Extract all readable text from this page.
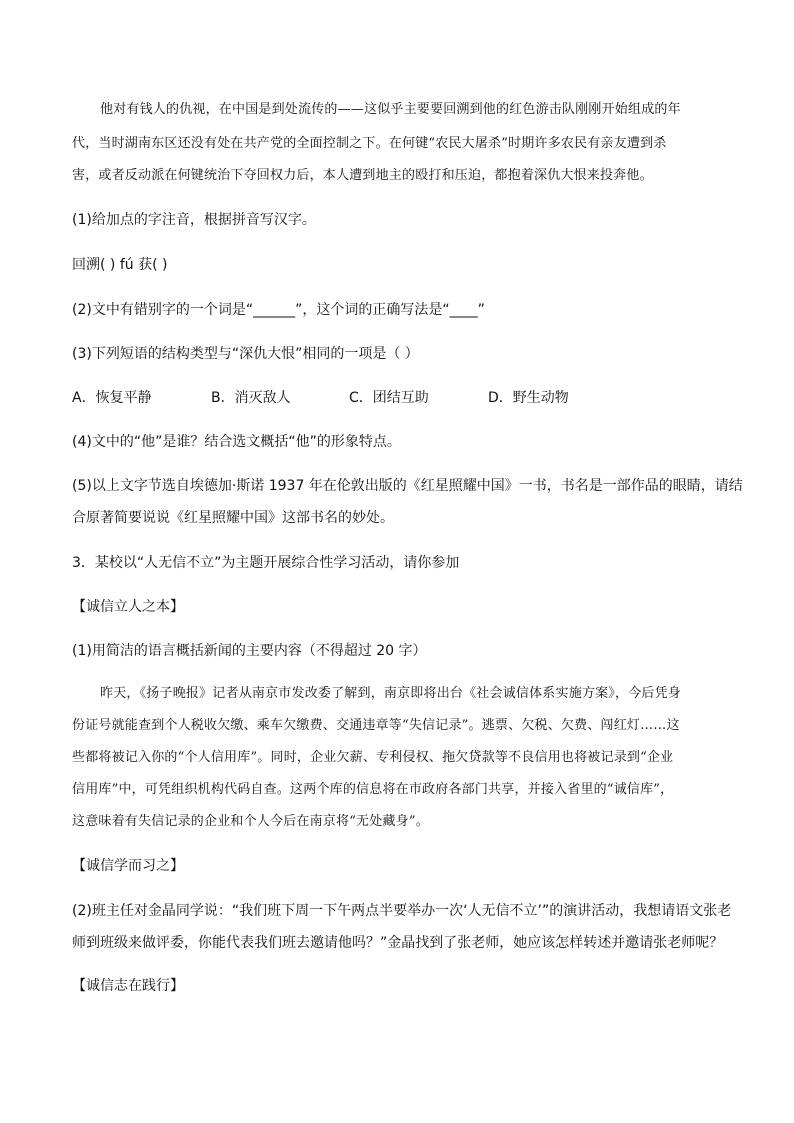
他对有钱人的仇视，在中国是到处流传的——这似乎主要要回溯到他的红色游击队刚刚开始组成的年
代，当时湖南东区还没有处在共产党的全面控制之下。在何键“农民大屠杀”时期许多农民有亲友遭到杀
害，或者反动派在何键统治下夺回权力后，本人遭到地主的殴打和压迫，都抱着深仇大恨来投奔他。
(1)给加点的字注音，根据拼音写汉字。
回溯( ) fú 获( )
(2)文中有错别字的一个词是“______”，这个词的正确写法是“____”
(3)下列短语的结构类型与“深仇大恨”相同的一项是（ ）
A．恢复平静	B．消灭敌人	C．团结互助	D．野生动物
(4)文中的“他”是谁？结合选文概括“他”的形象特点。
(5)以上文字节选自埃德加·斯诺 1937 年在伦敦出版的《红星照耀中国》一书，书名是一部作品的眼睛，请结
合原著简要说说《红星照耀中国》这部书名的妙处。
3．某校以“人无信不立”为主题开展综合性学习活动，请你参加
【诚信立人之本】
(1)用简洁的语言概括新闻的主要内容（不得超过 20 字）
昨天，《扬子晚报》记者从南京市发改委了解到，南京即将出台《社会诚信体系实施方案》，今后凭身
份证号就能查到个人税收欠缴、乘车欠缴费、交通违章等“失信记录”。逃票、欠税、欠费、闯红灯……这
些都将被记入你的“个人信用库”。同时，企业欠薪、专利侵权、拖欠贷款等不良信用也将被记录到“企业
信用库”中，可凭组织机构代码自查。这两个库的信息将在市政府各部门共享，并接入省里的“诚信库”，
这意味着有失信记录的企业和个人今后在南京将“无处藏身”。
【诚信学而习之】
(2)班主任对金晶同学说：“我们班下周一下午两点半要举办一次‘人无信不立’”的演讲活动，我想请语文张老
师到班级来做评委，你能代表我们班去邀请他吗？”金晶找到了张老师，她应该怎样转述并邀请张老师呢？
【诚信志在践行】
